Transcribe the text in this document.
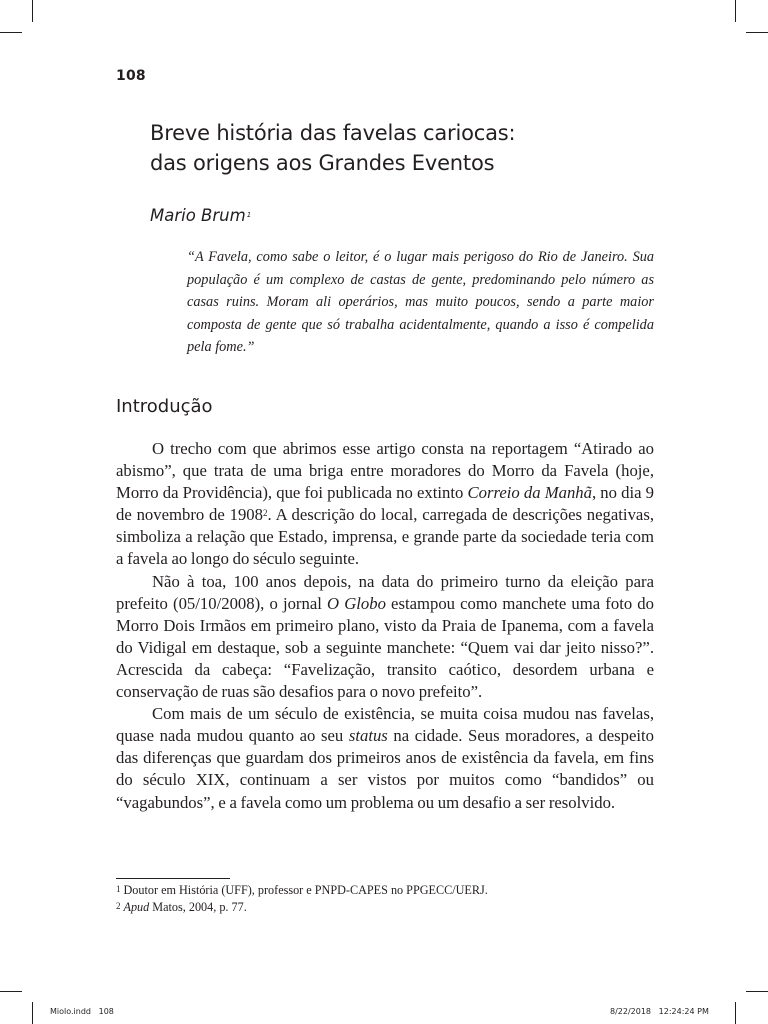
108
Breve história das favelas cariocas:
das origens aos Grandes Eventos
Mario Brum$^1$
“A Favela, como sabe o leitor, é o lugar mais perigoso do Rio de Janeiro. Sua população é um complexo de castas de gente, predominando pelo número as casas ruins. Moram ali operários, mas muito poucos, sendo a parte maior composta de gente que só trabalha acidentalmente, quando a isso é compelida pela fome.”
Introdução

O trecho com que abrimos esse artigo consta na reportagem “Atirado ao abismo”, que trata de uma briga entre moradores do Morro da Favela (hoje, Morro da Providência), que foi publicada no extinto Correio da Manhã, no dia 9 de novembro de 1908$^2$. A descrição do local, carregada de descrições negativas, simboliza a relação que Estado, imprensa, e grande parte da sociedade teria com a favela ao longo do século seguinte.

Não à toa, 100 anos depois, na data do primeiro turno da eleição para prefeito (05/10/2008), o jornal O Globo estampou como manchete uma foto do Morro Dois Irmãos em primeiro plano, visto da Praia de Ipanema, com a favela do Vidigal em destaque, sob a seguinte manchete: “Quem vai dar jeito nisso?”. Acrescida da cabeça: “Favelização, transito caótico, desordem urbana e conservação de ruas são desafios para o novo prefeito”.

Com mais de um século de existência, se muita coisa mudou nas favelas, quase nada mudou quanto ao seu status na cidade. Seus moradores, a despeito das diferenças que guardam dos primeiros anos de existência da favela, em fins do século XIX, continuam a ser vistos por muitos como “bandidos” ou “vagabundos”, e a favela como um problema ou um desafio a ser resolvido.

$^1$ Doutor em História (UFF), professor e PNPD-CAPES no PPGECC/UERJ.
$^2$ Apud Matos, 2004, p. 77.
Miolo.indd   108	8/22/2018   12:24:24 PM
